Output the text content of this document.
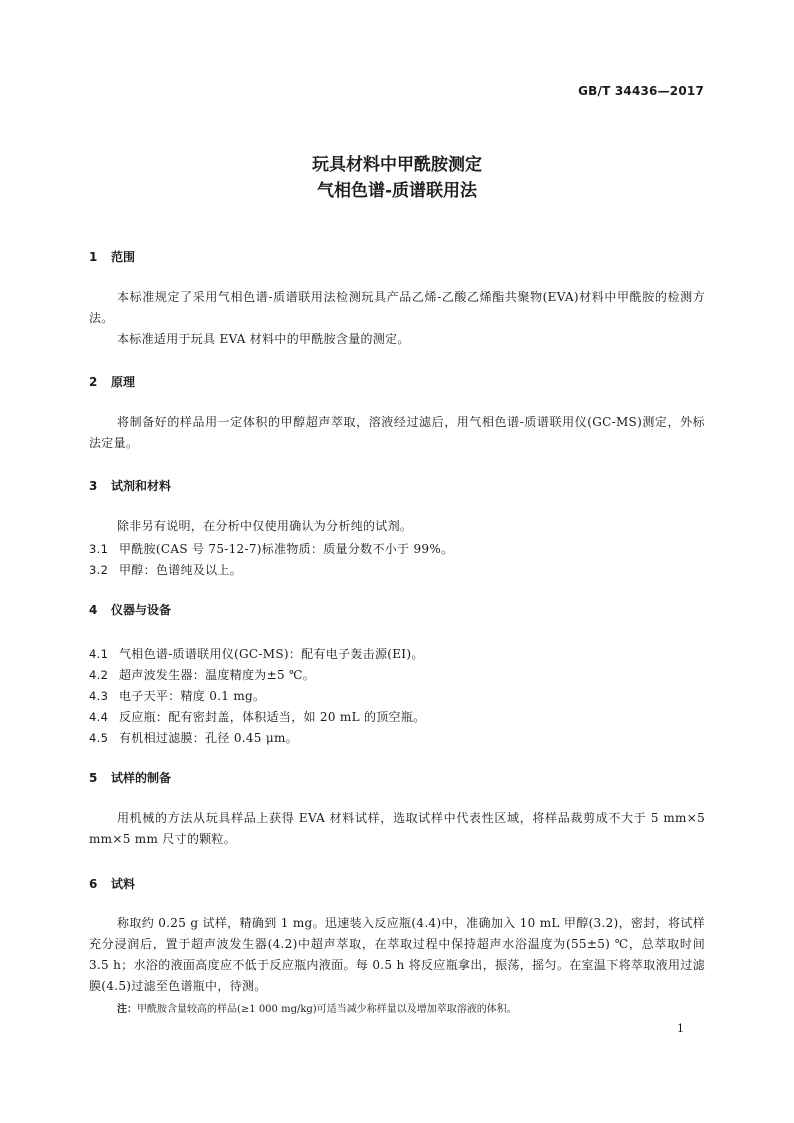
GB/T 34436—2017
玩具材料中甲酰胺测定
气相色谱-质谱联用法
1 范围
本标准规定了采用气相色谱-质谱联用法检测玩具产品乙烯-乙酸乙烯酯共聚物(EVA)材料中甲酰胺的检测方法。
本标准适用于玩具 EVA 材料中的甲酰胺含量的测定。
2 原理
将制备好的样品用一定体积的甲醇超声萃取，溶液经过滤后，用气相色谱-质谱联用仪(GC-MS)测定，外标法定量。
3 试剂和材料
除非另有说明，在分析中仅使用确认为分析纯的试剂。
3.1 甲酰胺(CAS 号 75-12-7)标准物质：质量分数不小于 99%。
3.2 甲醇：色谱纯及以上。
4 仪器与设备
4.1 气相色谱-质谱联用仪(GC-MS)：配有电子轰击源(EI)。
4.2 超声波发生器：温度精度为±5 ℃。
4.3 电子天平：精度 0.1 mg。
4.4 反应瓶：配有密封盖，体积适当，如 20 mL 的顶空瓶。
4.5 有机相过滤膜：孔径 0.45 μm。
5 试样的制备
用机械的方法从玩具样品上获得 EVA 材料试样，选取试样中代表性区域，将样品裁剪成不大于 5 mm×5 mm×5 mm 尺寸的颗粒。
6 试料
称取约 0.25 g 试样，精确到 1 mg。迅速装入反应瓶(4.4)中，准确加入 10 mL 甲醇(3.2)，密封，将试样充分浸润后，置于超声波发生器(4.2)中超声萃取，在萃取过程中保持超声水浴温度为(55±5) ℃，总萃取时间 3.5 h；水浴的液面高度应不低于反应瓶内液面。每 0.5 h 将反应瓶拿出，振荡，摇匀。在室温下将萃取液用过滤膜(4.5)过滤至色谱瓶中，待测。
注：甲酰胺含量较高的样品(≥1 000 mg/kg)可适当减少称样量以及增加萃取溶液的体积。
1
